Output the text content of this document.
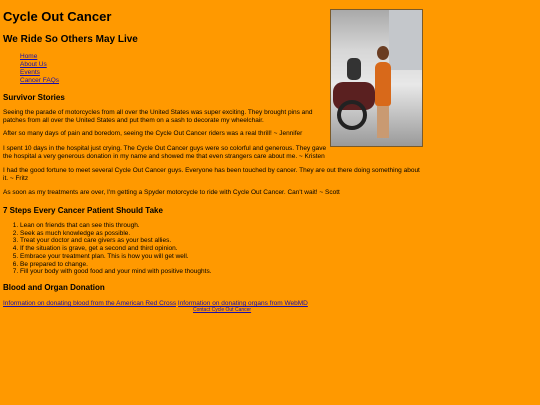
Cycle Out Cancer
We Ride So Others May Live
Home
About Us
Events
Cancer FAQs
Survivor Stories

Seeing the parade of motorcycles from all over the United States was super exciting. They brought pins and patches from all over the United States and put them on a sash to decorate my wheelchair.

After so many days of pain and boredom, seeing the Cycle Out Cancer riders was a real thrill! ~ Jennifer

I spent 10 days in the hospital just crying. The Cycle Out Cancer guys were so colorful and generous. They gave the hospital a very generous donation in my name and showed me that even strangers care about me. ~ Kristen

I had the good fortune to meet several Cycle Out Cancer guys. Everyone has been touched by cancer. They are out there doing something about it. ~ Fritz

As soon as my treatments are over, I'm getting a Spyder motorcycle to ride with Cycle Out Cancer. Can't wait! ~ Scott

7 Steps Every Cancer Patient Should Take
1. Lean on friends that can see this through.
2. Seek as much knowledge as possible.
3. Treat your doctor and care givers as your best allies.
4. If the situation is grave, get a second and third opinion.
5. Embrace your treatment plan. This is how you will get well.
6. Be prepared to change.
7. Fill your body with good food and your mind with positive thoughts.
Blood and Organ Donation
Information on donating blood from the American Red Cross Information on donating organs from WebMD
Contact Cycle Out Cancer
